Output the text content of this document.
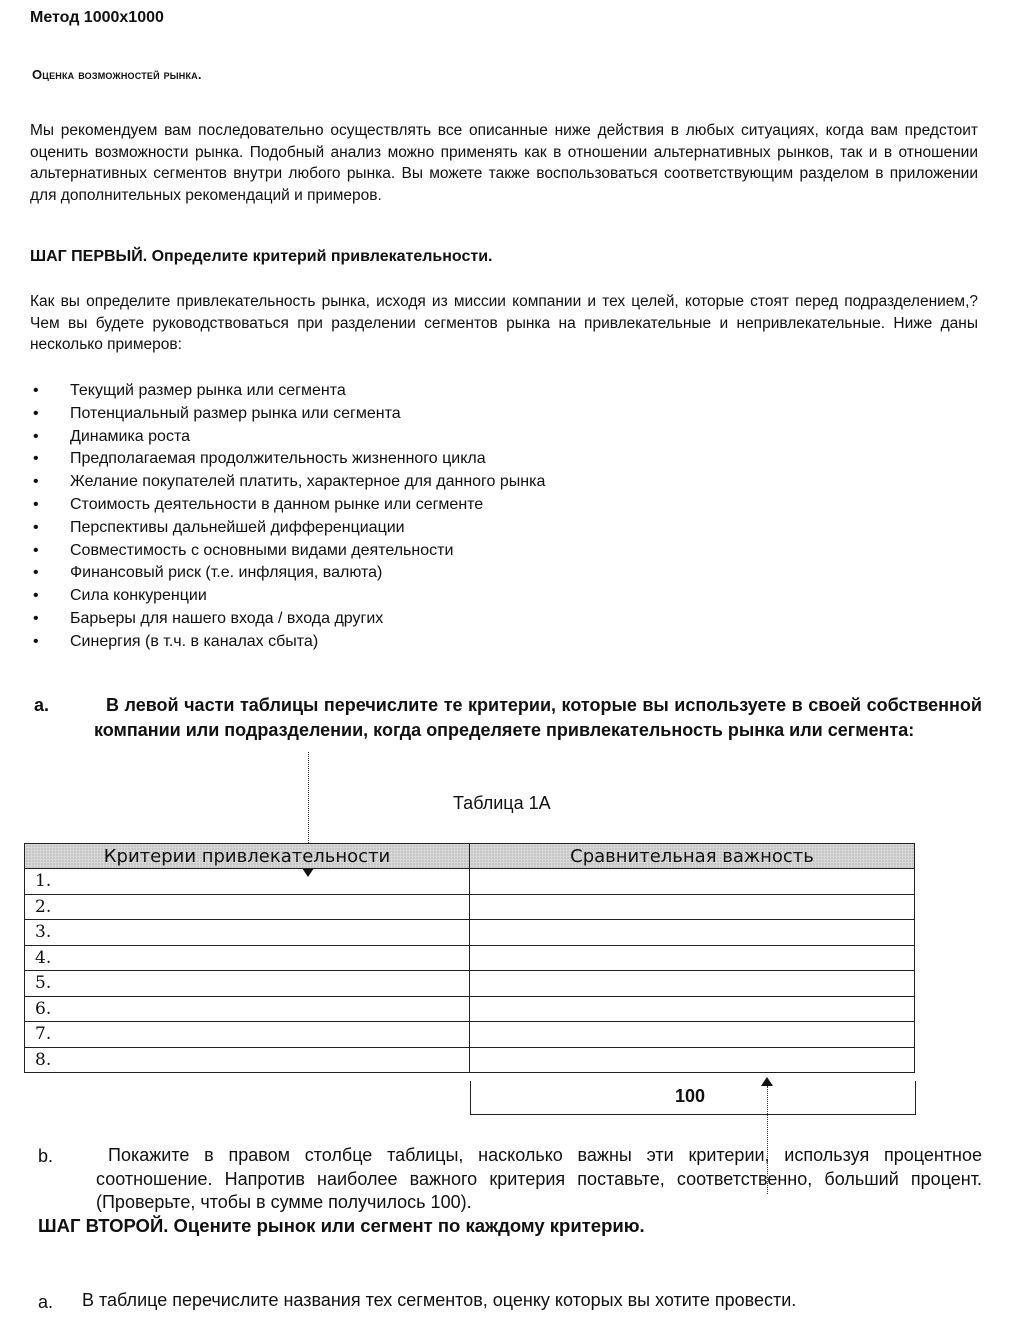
Метод 1000х1000
Оценка возможностей рынка.
Мы рекомендуем вам последовательно осуществлять все описанные ниже действия в любых ситуациях, когда вам предстоит оценить возможности рынка. Подобный анализ можно применять как в отношении альтернативных рынков, так и в отношении альтернативных сегментов внутри любого рынка. Вы можете также воспользоваться соответствующим разделом в приложении для дополнительных рекомендаций и примеров.
ШАГ ПЕРВЫЙ. Определите критерий привлекательности.
Как вы определите привлекательность рынка, исходя из миссии компании и тех целей, которые стоят перед подразделением,? Чем вы будете руководствоваться при разделении сегментов рынка на привлекательные и непривлекательные. Ниже даны несколько примеров:
• Текущий размер рынка или сегмента
• Потенциальный размер рынка или сегмента
• Динамика роста
• Предполагаемая продолжительность жизненного цикла
• Желание покупателей платить, характерное для данного рынка
• Стоимость деятельности в данном рынке или сегменте
• Перспективы дальнейшей дифференциации
• Совместимость с основными видами деятельности
• Финансовый риск (т.е. инфляция, валюта)
• Сила конкуренции
• Барьеры для нашего входа / входа других
• Синергия (в т.ч. в каналах сбыта)
a.	В левой части таблицы перечислите те критерии, которые вы используете в своей собственной компании или подразделении, когда определяете привлекательность рынка или сегмента:
Таблица 1А
Критерии привлекательности	Сравнительная важность
1.	
2.	
3.	
4.	
5.	
6.	
7.	
8.	
100
b.	Покажите в правом столбце таблицы, насколько важны эти критерии, используя процентное соотношение. Напротив наиболее важного критерия поставьте, соответственно, больший процент. (Проверьте, чтобы в сумме получилось 100).
ШАГ ВТОРОЙ. Оцените рынок или сегмент по каждому критерию.
a. В таблице перечислите названия тех сегментов, оценку которых вы хотите провести.
